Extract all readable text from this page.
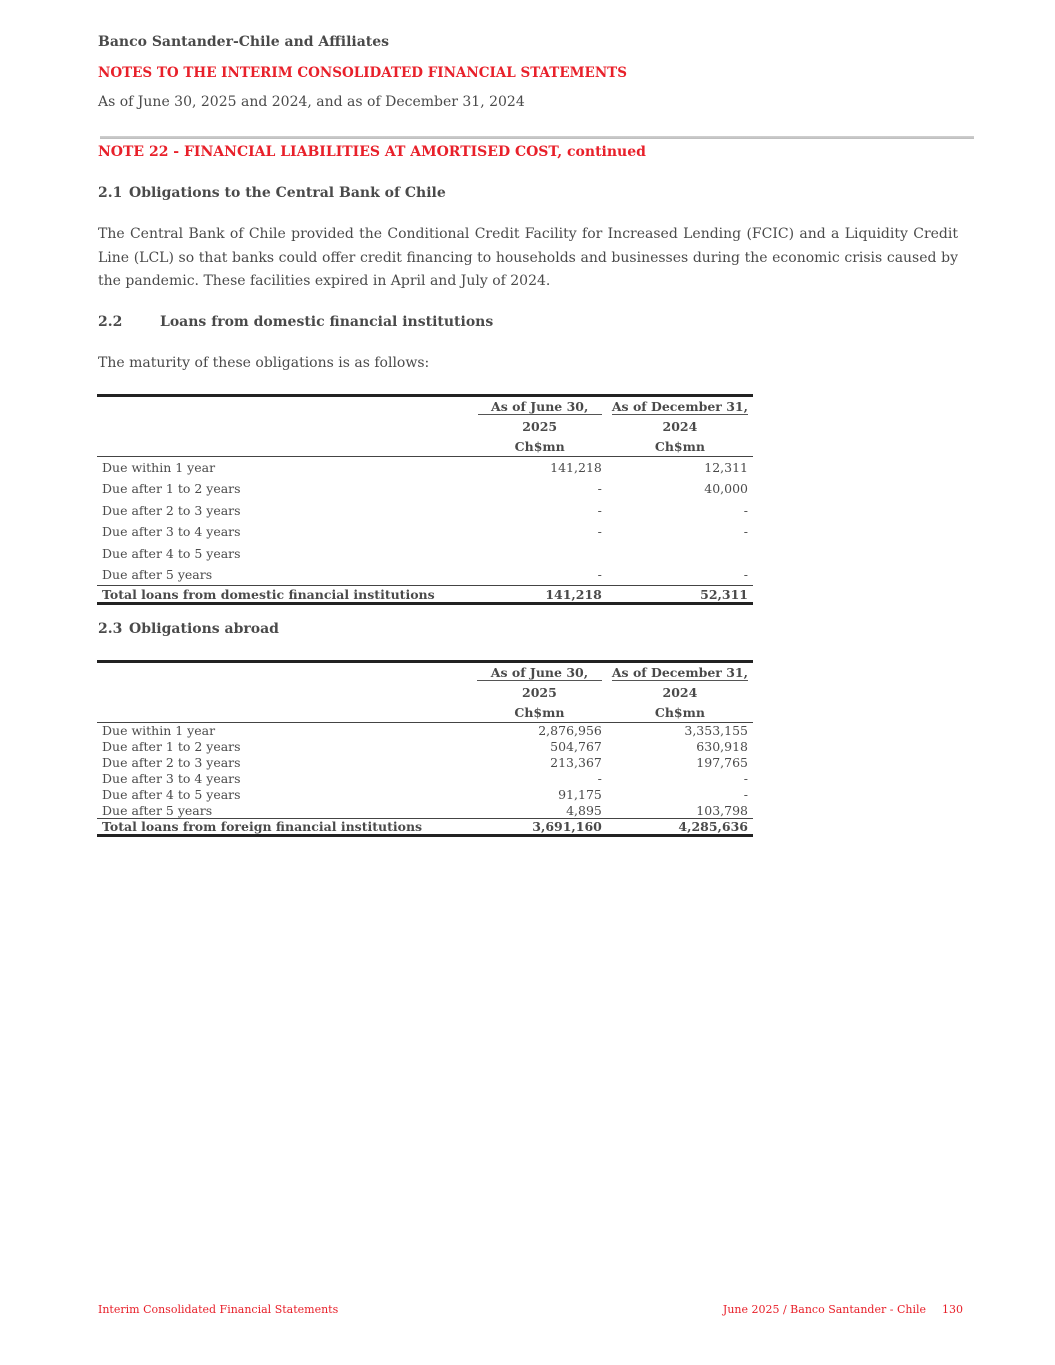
Banco Santander-Chile and Affiliates
NOTES TO THE INTERIM CONSOLIDATED FINANCIAL STATEMENTS
As of June 30, 2025 and 2024, and as of December 31, 2024
NOTE 22 - FINANCIAL LIABILITIES AT AMORTISED COST, continued
2.1 Obligations to the Central Bank of Chile
The Central Bank of Chile provided the Conditional Credit Facility for Increased Lending (FCIC) and a Liquidity Credit Line (LCL) so that banks could offer credit financing to households and businesses during the economic crisis caused by the pandemic. These facilities expired in April and July of 2024.
2.2	Loans from domestic financial institutions
The maturity of these obligations is as follows:

	As of June 30,	As of December 31,

	2025	2024
	Ch$mn	Ch$mn
Due within 1 year	141,218	12,311
Due after 1 to 2 years	-	40,000
Due after 2 to 3 years	-	-
Due after 3 to 4 years	-	-
Due after 4 to 5 years		
Due after 5 years	-	-
Total loans from domestic financial institutions	141,218	52,311
2.3 Obligations abroad

	As of June 30,	As of December 31,

	2025	2024
	Ch$mn	Ch$mn
Due within 1 year	2,876,956	3,353,155
Due after 1 to 2 years	504,767	630,918
Due after 2 to 3 years	213,367	197,765
Due after 3 to 4 years	-	-
Due after 4 to 5 years	91,175	-
Due after 5 years	4,895	103,798
Total loans from foreign financial institutions	3,691,160	4,285,636
Interim Consolidated Financial Statements	June 2025 / Banco Santander - Chile 130
